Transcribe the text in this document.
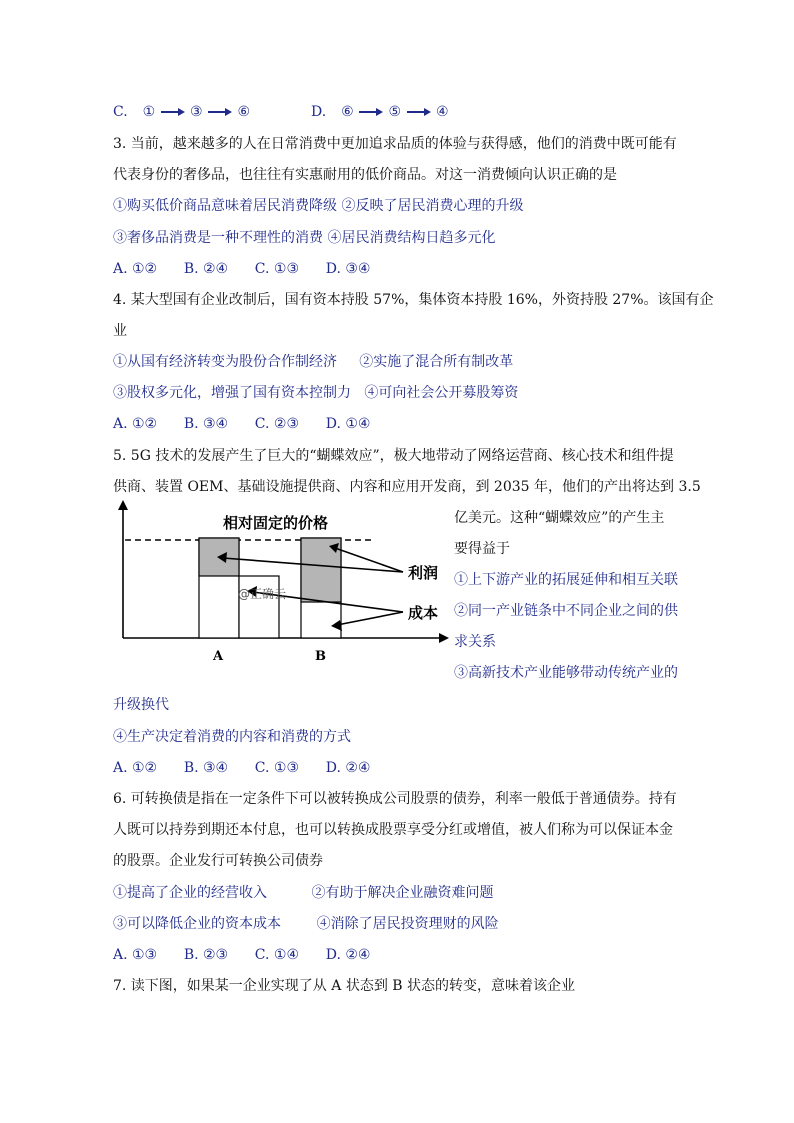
C. ① ③ ⑥	D. ⑥ ⑤ ④
3. 当前，越来越多的人在日常消费中更加追求品质的体验与获得感，他们的消费中既可能有
代表身份的奢侈品，也往往有实惠耐用的低价商品。对这一消费倾向认识正确的是
①购买低价商品意味着居民消费降级 ②反映了居民消费心理的升级
③奢侈品消费是一种不理性的消费 ④居民消费结构日趋多元化
A. ①②      B. ②④      C. ①③      D. ③④
4. 某大型国有企业改制后，国有资本持股 57%，集体资本持股 16%，外资持股 27%。该国有企
业
①从国有经济转变为股份合作制经济     ②实施了混合所有制改革
③股权多元化，增强了国有资本控制力   ④可向社会公开募股筹资
A. ①②      B. ③④      C. ②③      D. ①④
5. 5G 技术的发展产生了巨大的“蝴蝶效应”，极大地带动了网络运营商、核心技术和组件提
供商、装置 OEM、基础设施提供商、内容和应用开发商，到 2035 年，他们的产出将达到 3.5
亿美元。这种“蝴蝶效应”的产生主
要得益于
①上下游产业的拓展延伸和相互关联
②同一产业链条中不同企业之间的供
求关系
③高新技术产业能够带动传统产业的
相对固定的价格
利润
成本
A	B
@正确云
升级换代
④生产决定着消费的内容和消费的方式
A. ①②      B. ③④      C. ①③      D. ②④
6. 可转换债是指在一定条件下可以被转换成公司股票的债券，利率一般低于普通债券。持有
人既可以持券到期还本付息，也可以转换成股票享受分红或增值，被人们称为可以保证本金
的股票。企业发行可转换公司债券
①提高了企业的经营收入          ②有助于解决企业融资难问题
③可以降低企业的资本成本        ④消除了居民投资理财的风险
A. ①③      B. ②③      C. ①④      D. ②④
7. 读下图，如果某一企业实现了从 A 状态到 B 状态的转变，意味着该企业
